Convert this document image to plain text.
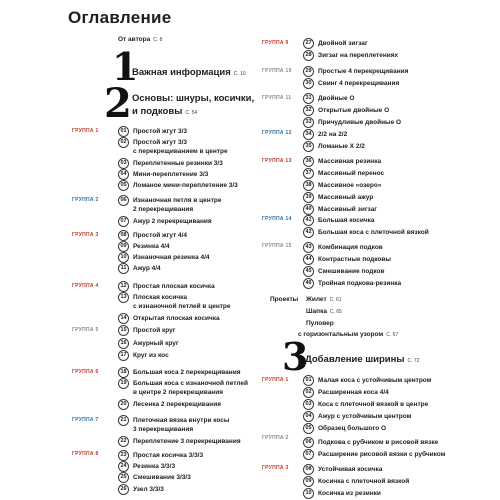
Оглавление
От автора С. 8
1
Важная информация С. 10
2 Основы: шнуры, косички,
и подковы С. 54
ГРУППА 1
ГРУППА 2
ГРУППА 3
ГРУППА 4
ГРУППА 5
ГРУППА 6
ГРУППА 7
ГРУППА 8
01 Простой жгут 3/3
02 Простой жгут 3/3
с перекрещиванием в центре
03 Переплетенные резинки 3/3
04 Мини-переплетение 3/3
05 Ломаное мини-переплетение 3/3
06 Изнаночная петля в центре
2 перекрещивания
07 Ажур 2 перекрещивания
08 Простой жгут 4/4
09 Резинка 4/4
10 Изнаночная резинка 4/4
11	Ажур 4/4
12 Простая плоская косичка
13 Плоская косичка
с изнаночной петлей в центре
14 Открытая плоская косичка
15 Простой круг
16 Ажурный круг
17 Круг из кос
18 Большая коса 2 перекрещивания
19 Большая коса с изнаночной петлей
в центре 2 перекрещивания
20 Лесенка 2 перекрещивания
21 Плеточная вязка внутри косы
3 перекрещивания
22 Переплетение 3 перекрещивания
23 Простая косичка 3/3/3
24 Резинка 3/3/3
25 Смешивание 3/3/3
26 Узел 3/3/3
ГРУППА 9
ГРУППА 10
ГРУППА 11
ГРУППА 12
ГРУППА 13
ГРУППА 14
ГРУППА 15
27 Двойной зигзаг
28 Зигзаг на переплетениях
29 Простые 4 перекрещивания
30 Свинг 4 перекрещивания
31 Двойные О
32 Открытые двойные О
33 Причудливые двойные О
34 2/2 на 2/2
35 Ломаные Х 2/2
36 Массивная резинка
37 Массивный перенос
38 Массивное «озеро»
39 Массивный ажур
40 Массивный зигзаг
41 Большая косичка
42 Большая коса с плеточной вязкой
43 Комбинация подков
44 Контрастные подковы
45 Смешивание подков
46 Тройная подкова-резинка
Проекты Жилет С. 61
Шапка С. 65
Пуловер
с горизонтальным узором С. 67
3
Добавление ширины С. 72
ГРУППА 1
ГРУППА 2
ГРУППА 3
01 Малая коса с устойчивым центром
02 Расширенная коса 4/4
03 Коса с плеточной вязкой в центре
04 Ажур с устойчивым центром
05 Образец большого О
06 Подкова с рубчиком в рисовой вязке
07 Расширение рисовой вязки с рубчиком
08 Устойчивая косичка
09 Косичка с плеточной вязкой
10 Косичка из резинки
